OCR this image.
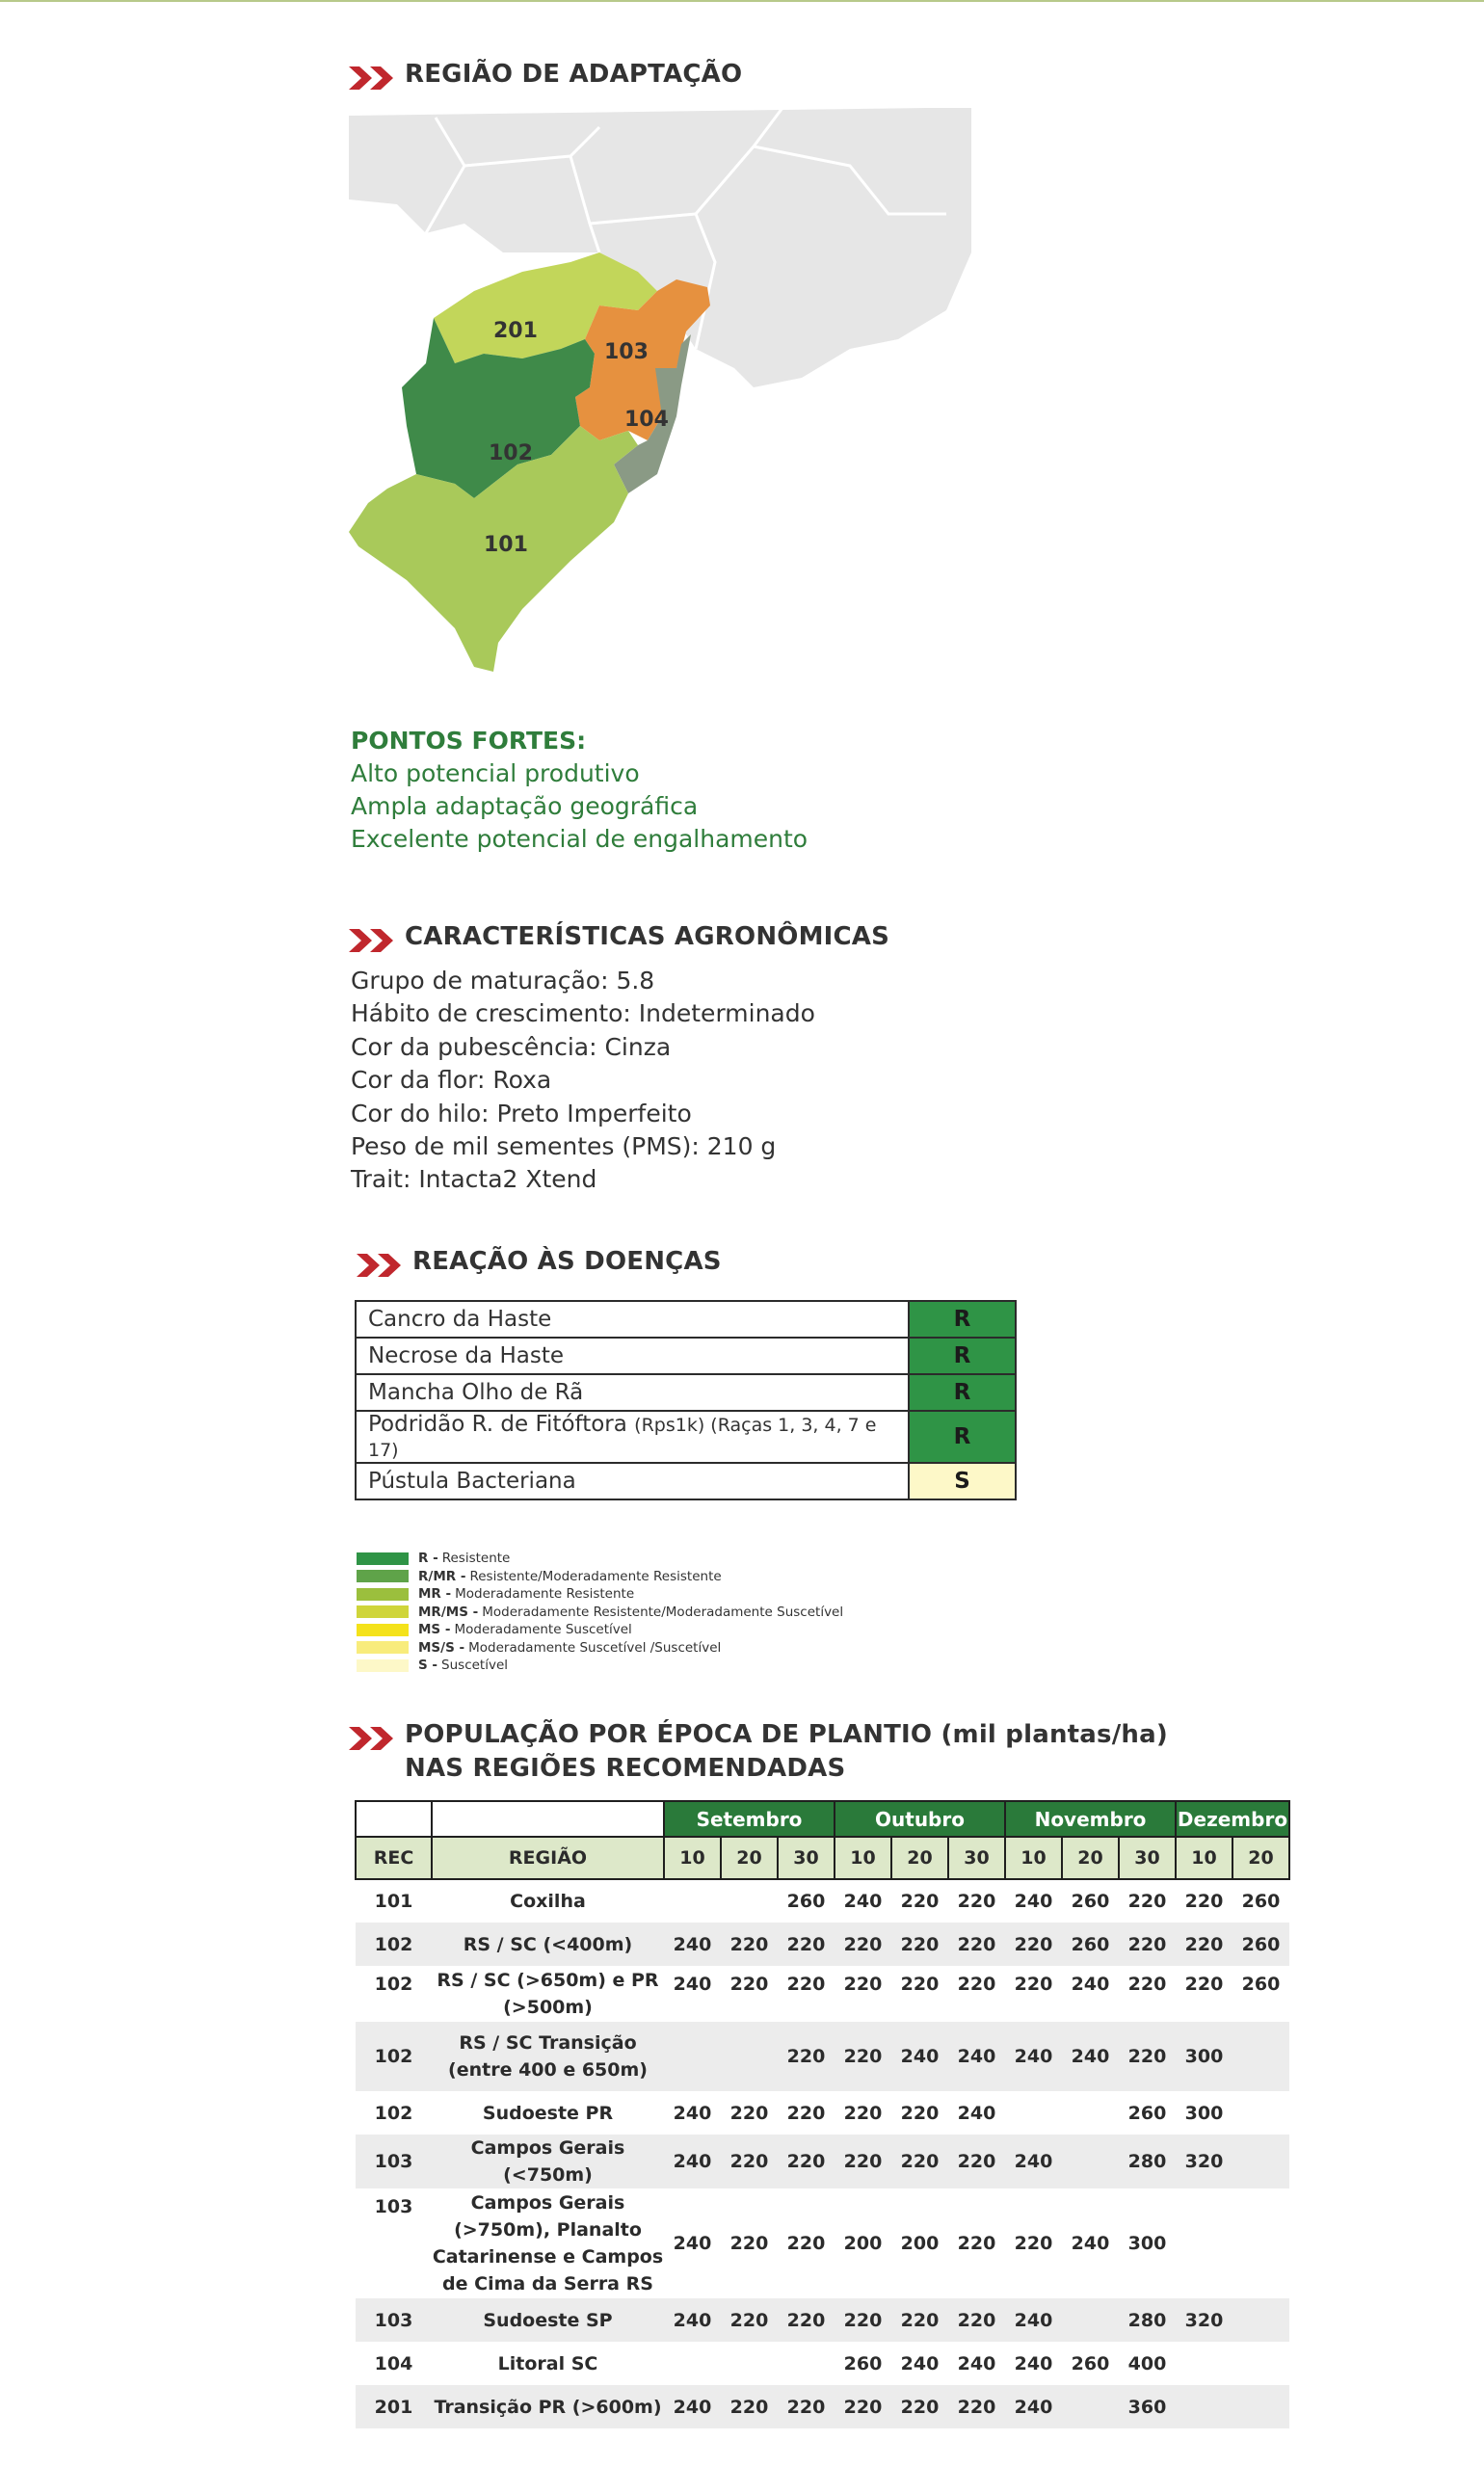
REGIÃO DE ADAPTAÇÃO
201
103
104
102
101
PONTOS FORTES:
Alto potencial produtivo
Ampla adaptação geográfica
Excelente potencial de engalhamento
CARACTERÍSTICAS AGRONÔMICAS
Grupo de maturação: 5.8
Hábito de crescimento: Indeterminado
Cor da pubescência: Cinza
Cor da flor: Roxa
Cor do hilo: Preto Imperfeito
Peso de mil sementes (PMS): 210 g
Trait: Intacta2 Xtend
REAÇÃO ÀS DOENÇAS
Cancro da Haste	R
Necrose da Haste	R
Mancha Olho de Rã	R
Podridão R. de Fitóftora (Rps1k) (Raças 1, 3, 4, 7 e 17)	R
Pústula Bacteriana	S
R - Resistente
R/MR - Resistente/Moderadamente Resistente
MR - Moderadamente Resistente
MR/MS - Moderadamente Resistente/Moderadamente Suscetível
MS - Moderadamente Suscetível
MS/S - Moderadamente Suscetível /Suscetível
S - Suscetível
POPULAÇÃO POR ÉPOCA DE PLANTIO (mil plantas/ha)
NAS REGIÕES RECOMENDADAS
		Setembro			Outubro			Novembro			Dezembro	
REC	REGIÃO	10	20	30	10	20	30	10	20	30	10	20
101	Coxilha			260	240	220	220	240	260	220	220	260
102	RS / SC (<400m)	240	220	220	220	220	220	220	260	220	220	260
102	RS / SC (>650m) e PR (>500m)	240	220	220	220	220	220	220	240	220	220	260
102	RS / SC Transição (entre 400 e 650m)			220	220	240	240	240	240	220	300	
102	Sudoeste PR	240	220	220	220	220	240			260	300	
103	Campos Gerais (<750m)	240	220	220	220	220	220	240		280	320	
103	Campos Gerais (>750m), Planalto Catarinense e Campos de Cima da Serra RS	240	220	220	200	200	220	220	240	300		
103	Sudoeste SP	240	220	220	220	220	220	240		280	320	
104	Litoral SC				260	240	240	240	260	400		
201	Transição PR (>600m)	240	220	220	220	220	220	240		360		
